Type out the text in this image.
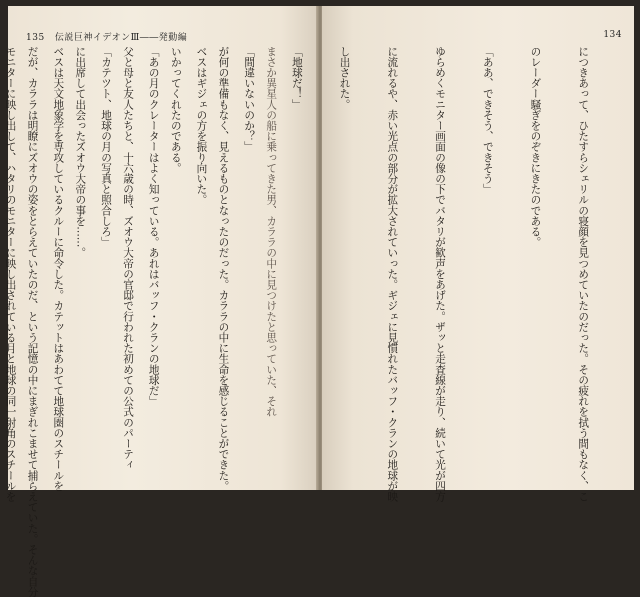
135 伝説巨神イデオンⅢ――発動編

まさか異星人の船に乗ってきた男、カララの中に見つけたと思っていた、それ

が何の準備もなく、見えるものとなったのだった。カララの中に生命を感じることができた。

いかってくれたのである。

父と母と友人たちと、十六歳の時、ズオウ大帝の官邸で行われた初めての公式のパーティ

に出席して出会ったズオウ大帝の事を……。

だが、カララは明瞭にズオウの姿をとらえていたのだ、という記憶の中にまぎれこませて捕らえていた。そんな自分

134

につきあって、ひたすらシェリルの寝顔を見つめていたのだった。その疲れを拭う間もなく、こ

のレーダー騒ぎをのぞきにきたのである。

「ああ、できそう、できそう」

ゆらめくモニター画面の像の下でバタリが歓声をあげた。ザッと走査線が走り、続いて光が四方

に流れるや、赤い光点の部分が拡大されていった。ギジェに見慣れたバッフ・クランの地球が映

し出された。

「地球だ！」

「間違いないのか？」

ベスはギジェの方を振り向いた。

「あの月のクレーターはよく知っている。あれはバッフ・クランの地球だ」

「カテツト、地球の月の写真と照合しろ」

ベスは天文地象学を専攻しているクルーに命令した。カテットはあわてて地球圏のスチールを

モニターに映し出して、ハタリのモニターに映し出されている月と地球の同一射角のスチールを
